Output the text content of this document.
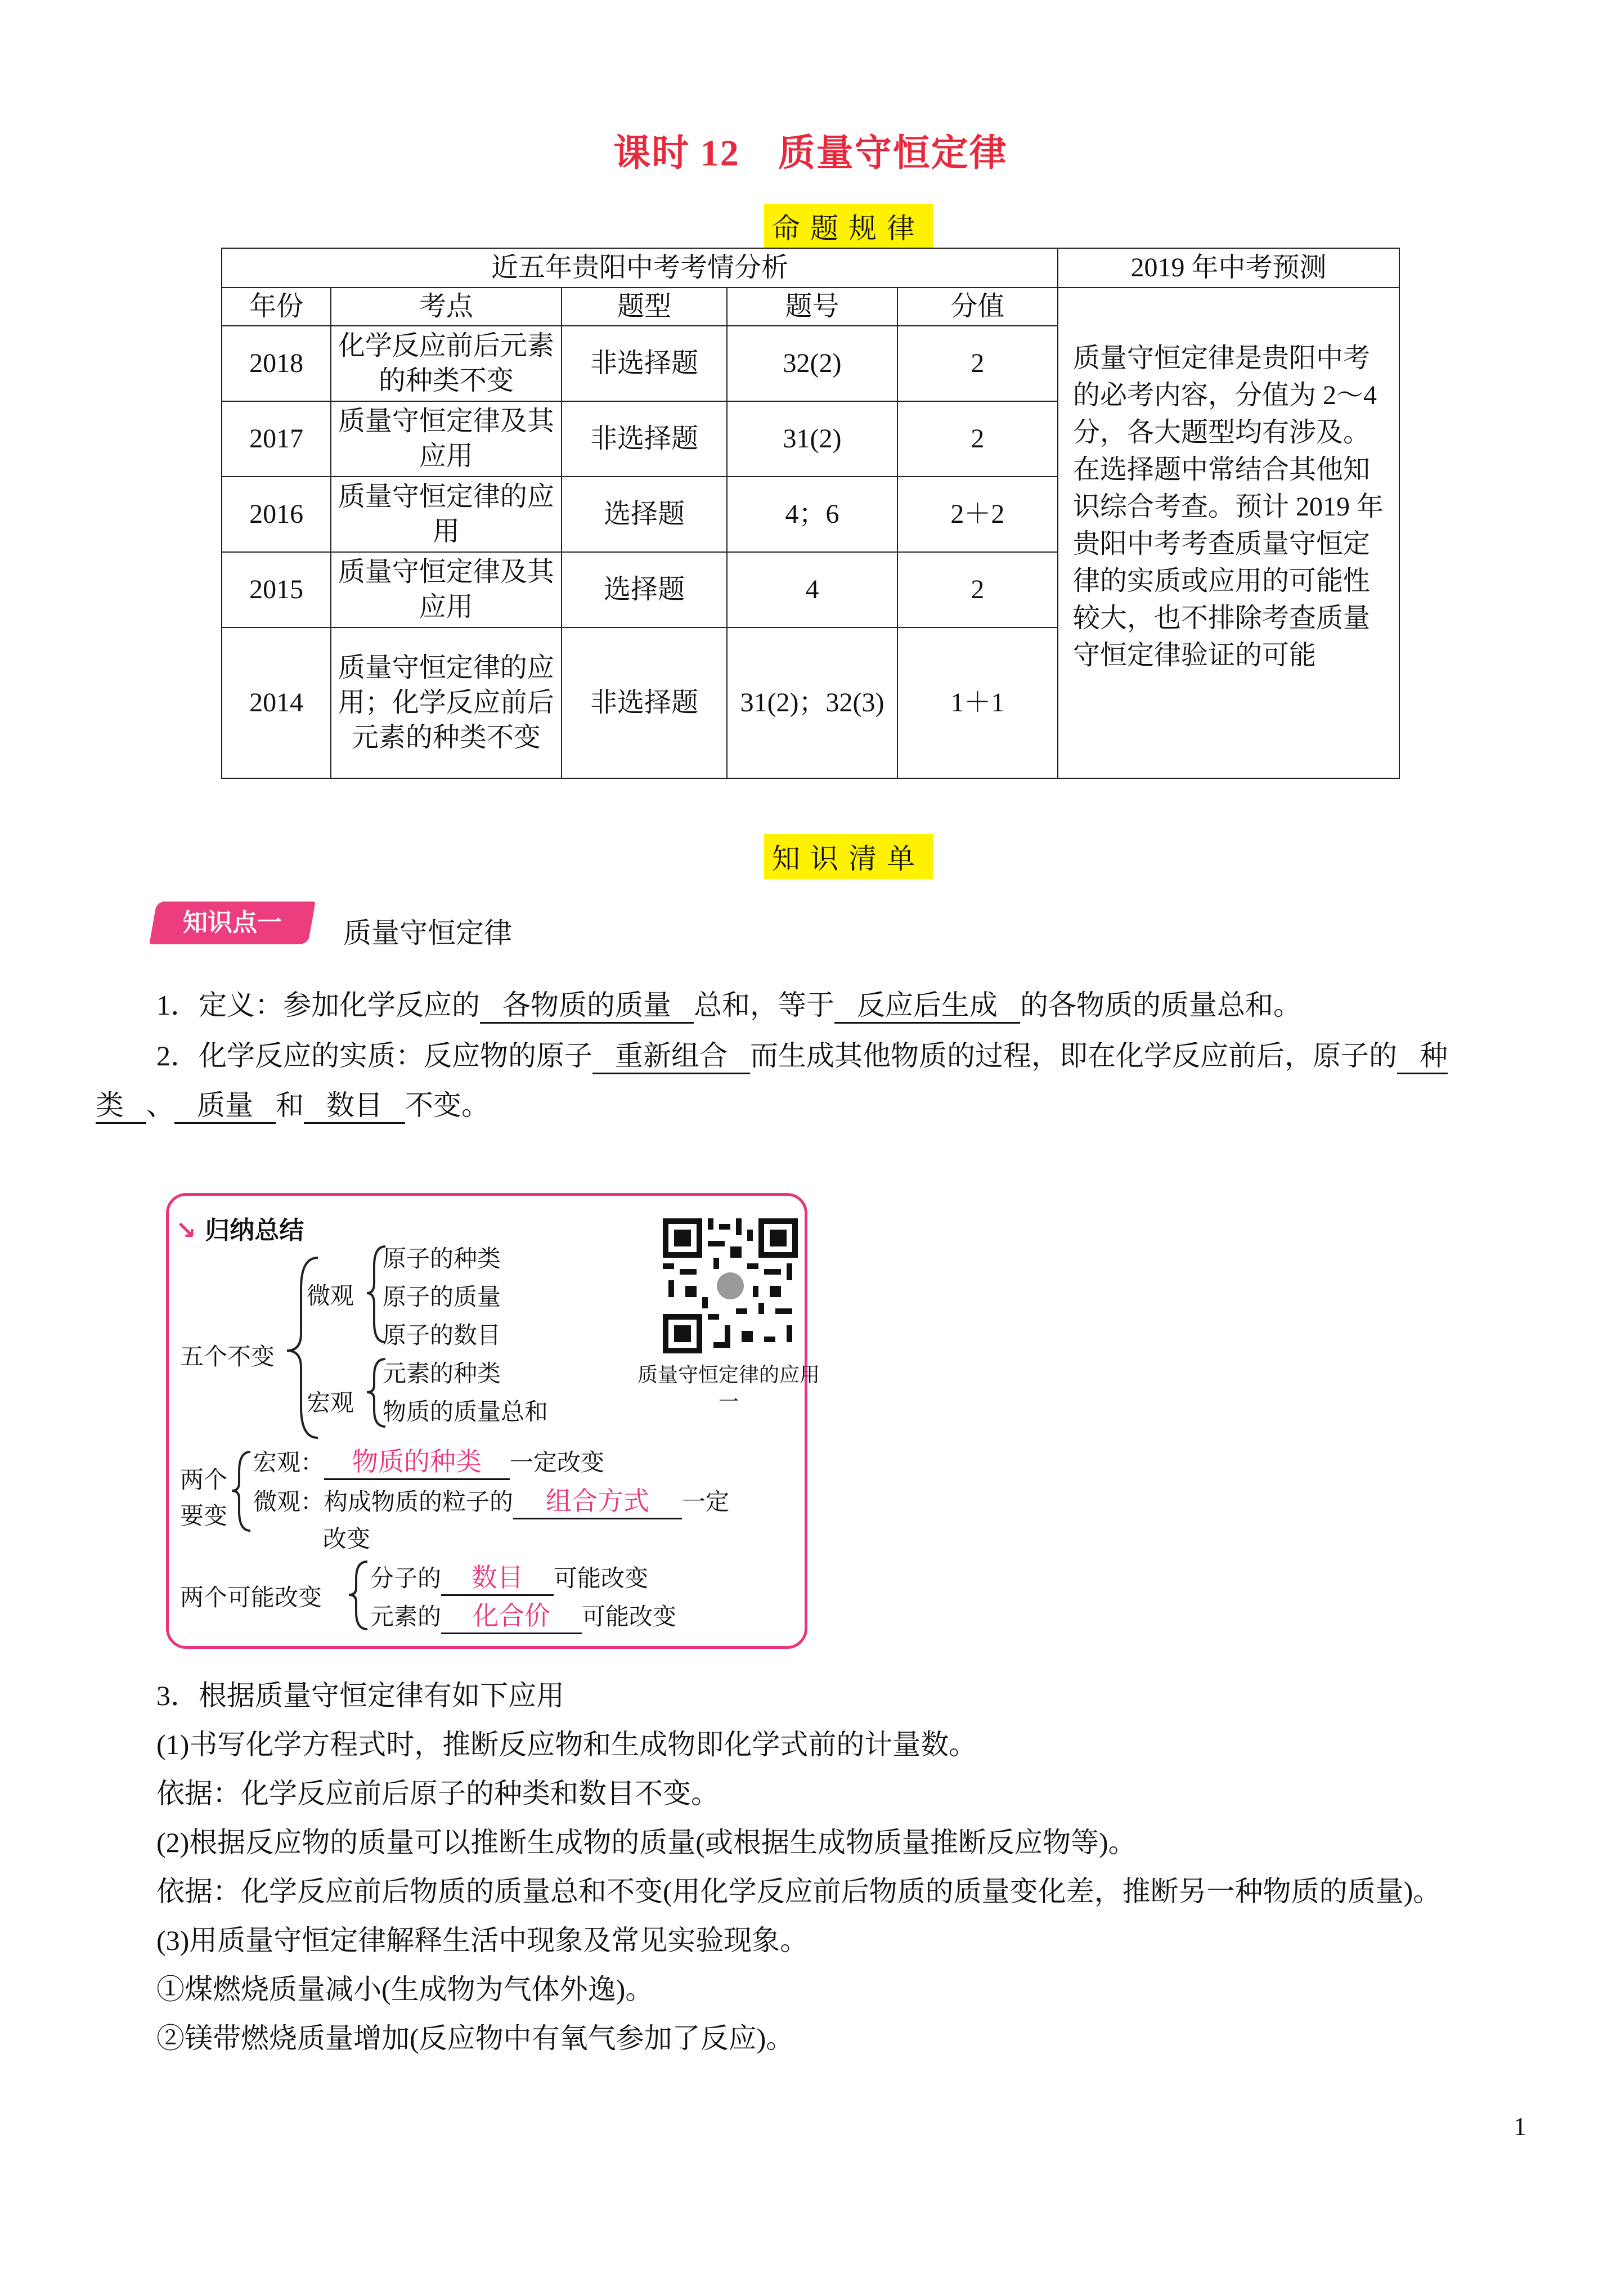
课时 12　质量守恒定律
命题规律
近五年贵阳中考考情分析					2019 年中考预测
年份	考点	题型	题号	分值	质量守恒定律是贵阳中考的必考内容，分值为 2～4 分，各大题型均有涉及。在选择题中常结合其他知识综合考查。预计 2019 年贵阳中考考查质量守恒定律的实质或应用的可能性较大，也不排除考查质量守恒定律验证的可能
2018	化学反应前后元素的种类不变	非选择题	32(2)	2	
2017	质量守恒定律及其应用	非选择题	31(2)	2	
2016	质量守恒定律的应用	选择题	4；6	2＋2	
2015	质量守恒定律及其应用	选择题	4	2	
2014	质量守恒定律的应用；化学反应前后元素的种类不变	非选择题	31(2)；32(3)	1＋1	
知识清单
知识点一	质量守恒定律
1．定义：参加化学反应的 各物质的质量 总和，等于 反应后生成 的各物质的质量总和。
2．化学反应的实质：反应物的原子 重新组合 而生成其他物质的过程，即在化学反应前后，原子的 种
类 、 质量 和 数目 不变。
↘ 归纳总结
五个不变
微观
宏观
原子的种类
原子的质量
原子的数目
元素的种类
物质的质量总和
质量守恒定律的应用一
两个
要变
宏观： 物质的种类 一定改变
微观：构成物质的粒子的 组合方式 一定
改变
两个可能改变
分子的 数目 可能改变
元素的 化合价 可能改变
3．根据质量守恒定律有如下应用
(1)书写化学方程式时，推断反应物和生成物即化学式前的计量数。
依据：化学反应前后原子的种类和数目不变。
(2)根据反应物的质量可以推断生成物的质量(或根据生成物质量推断反应物等)。
依据：化学反应前后物质的质量总和不变(用化学反应前后物质的质量变化差，推断另一种物质的质量)。
(3)用质量守恒定律解释生活中现象及常见实验现象。
①煤燃烧质量减小(生成物为气体外逸)。
②镁带燃烧质量增加(反应物中有氧气参加了反应)。
1
